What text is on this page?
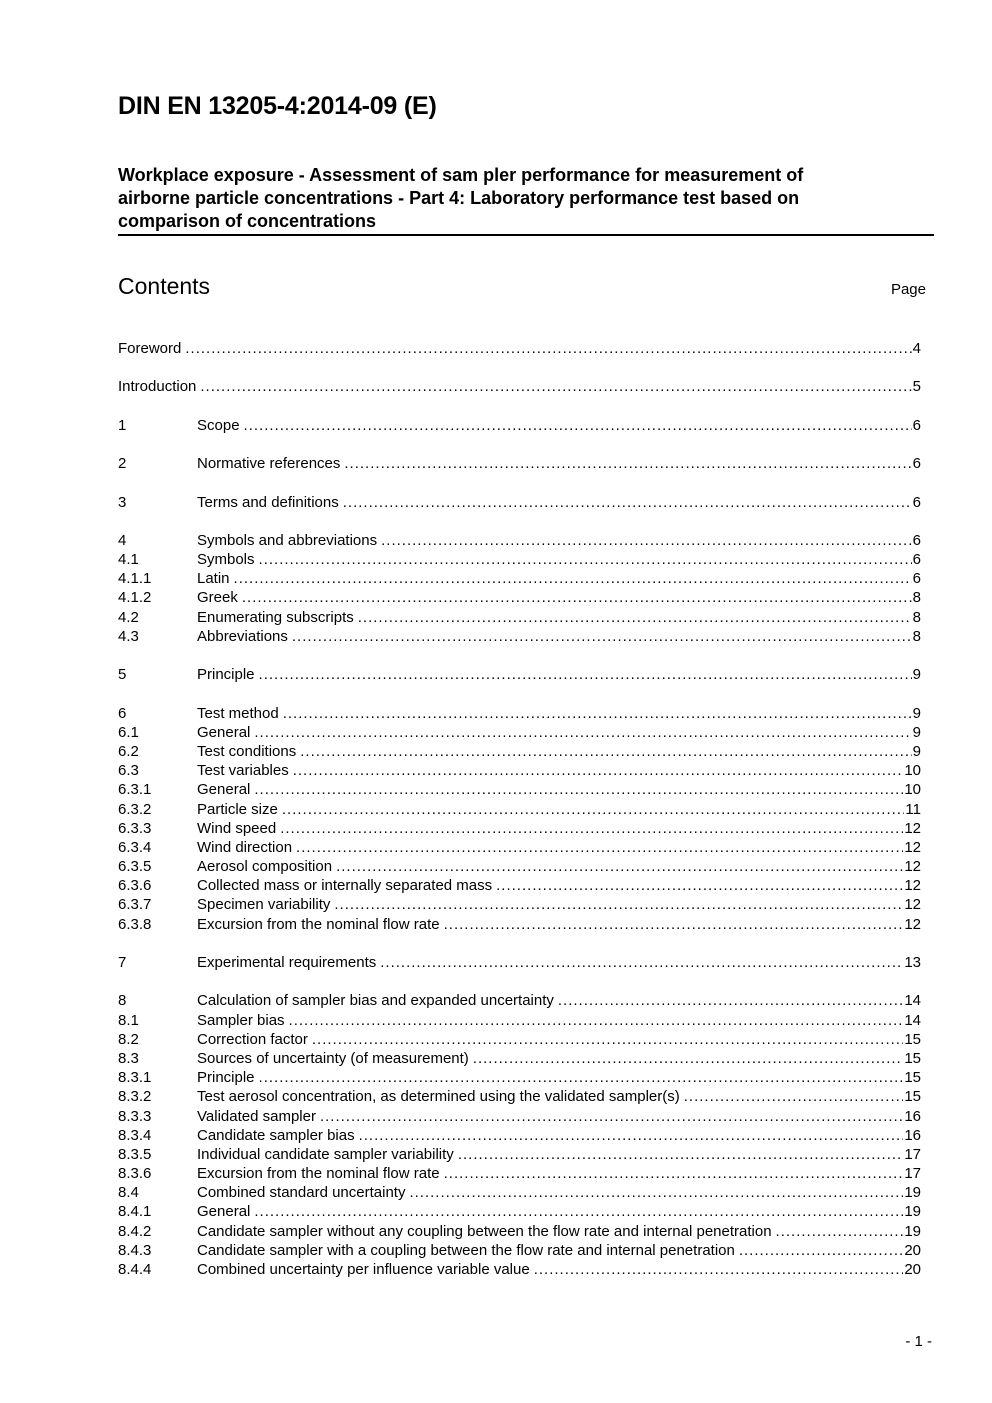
DIN EN 13205-4:2014-09 (E)
Workplace exposure - Assessment of sam pler performance for measurement of
airborne particle concentrations - Part 4: Laboratory performance test based on
comparison of concentrations
Contents	Page
Foreword .....	4
Introduction .....	5
1	Scope .....	6
2	Normative references .....	6
3	Terms and definitions .....	6
4	Symbols and abbreviations .....	6
4.1	Symbols .....	6
4.1.1	Latin .....	6
4.1.2	Greek .....	8
4.2	Enumerating subscripts .....	8
4.3	Abbreviations .....	8
5	Principle .....	9
6	Test method .....	9
6.1	General .....	9
6.2	Test conditions .....	9
6.3	Test variables .....	10
6.3.1	General .....	10
6.3.2	Particle size .....	11
6.3.3	Wind speed .....	12
6.3.4	Wind direction .....	12
6.3.5	Aerosol composition .....	12
6.3.6	Collected mass or internally separated mass .....	12
6.3.7	Specimen variability .....	12
6.3.8	Excursion from the nominal flow rate .....	12
7	Experimental requirements .....	13
8	Calculation of sampler bias and expanded uncertainty .....	14
8.1	Sampler bias .....	14
8.2	Correction factor .....	15
8.3	Sources of uncertainty (of measurement) .....	15
8.3.1	Principle .....	15
8.3.2	Test aerosol concentration, as determined using the validated sampler(s) .....	15
8.3.3	Validated sampler .....	16
8.3.4	Candidate sampler bias .....	16
8.3.5	Individual candidate sampler variability .....	17
8.3.6	Excursion from the nominal flow rate .....	17
8.4	Combined standard uncertainty .....	19
8.4.1	General .....	19
8.4.2	Candidate sampler without any coupling between the flow rate and internal penetration .....	19
8.4.3	Candidate sampler with a coupling between the flow rate and internal penetration .....	20
8.4.4	Combined uncertainty per influence variable value .....	20
- 1 -
